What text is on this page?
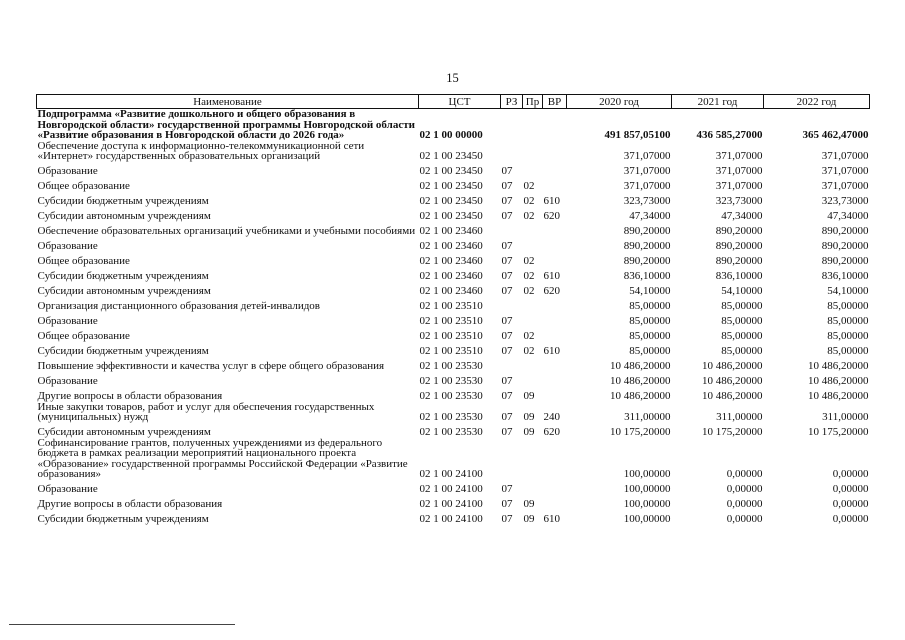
15
Наименование	ЦСТ	РЗ	Пр	ВР	2020 год	2021 год	2022 год
Подпрограмма «Развитие дошкольного и общего образования в Новгородской области» государственной программы Новгородской области «Развитие образования в Новгородской области до 2026 года»	02 1 00 00000				491 857,05100	436 585,27000	365 462,47000
Обеспечение доступа к информационно-телекоммуникационной сети «Интернет» государственных образовательных организаций	02 1 00 23450				371,07000	371,07000	371,07000
Образование	02 1 00 23450	07			371,07000	371,07000	371,07000
Общее образование	02 1 00 23450	07	02		371,07000	371,07000	371,07000
Субсидии бюджетным учреждениям	02 1 00 23450	07	02	610	323,73000	323,73000	323,73000
Субсидии автономным учреждениям	02 1 00 23450	07	02	620	47,34000	47,34000	47,34000
Обеспечение образовательных организаций учебниками и учебными пособиями	02 1 00 23460				890,20000	890,20000	890,20000
Образование	02 1 00 23460	07			890,20000	890,20000	890,20000
Общее образование	02 1 00 23460	07	02		890,20000	890,20000	890,20000
Субсидии бюджетным учреждениям	02 1 00 23460	07	02	610	836,10000	836,10000	836,10000
Субсидии автономным учреждениям	02 1 00 23460	07	02	620	54,10000	54,10000	54,10000
Организация дистанционного образования детей-инвалидов	02 1 00 23510				85,00000	85,00000	85,00000
Образование	02 1 00 23510	07			85,00000	85,00000	85,00000
Общее образование	02 1 00 23510	07	02		85,00000	85,00000	85,00000
Субсидии бюджетным учреждениям	02 1 00 23510	07	02	610	85,00000	85,00000	85,00000
Повышение эффективности и качества услуг в сфере общего образования	02 1 00 23530				10 486,20000	10 486,20000	10 486,20000
Образование	02 1 00 23530	07			10 486,20000	10 486,20000	10 486,20000
Другие вопросы в области образования	02 1 00 23530	07	09		10 486,20000	10 486,20000	10 486,20000
Иные закупки товаров, работ и услуг для обеспечения государственных (муниципальных) нужд	02 1 00 23530	07	09	240	311,00000	311,00000	311,00000
Субсидии автономным учреждениям	02 1 00 23530	07	09	620	10 175,20000	10 175,20000	10 175,20000
Софинансирование грантов, полученных учреждениями из федерального бюджета в рамках реализации мероприятий национального проекта «Образование» государственной программы Российской Федерации «Развитие образования»	02 1 00 24100				100,00000	0,00000	0,00000
Образование	02 1 00 24100	07			100,00000	0,00000	0,00000
Другие вопросы в области образования	02 1 00 24100	07	09		100,00000	0,00000	0,00000
Субсидии бюджетным учреждениям	02 1 00 24100	07	09	610	100,00000	0,00000	0,00000
